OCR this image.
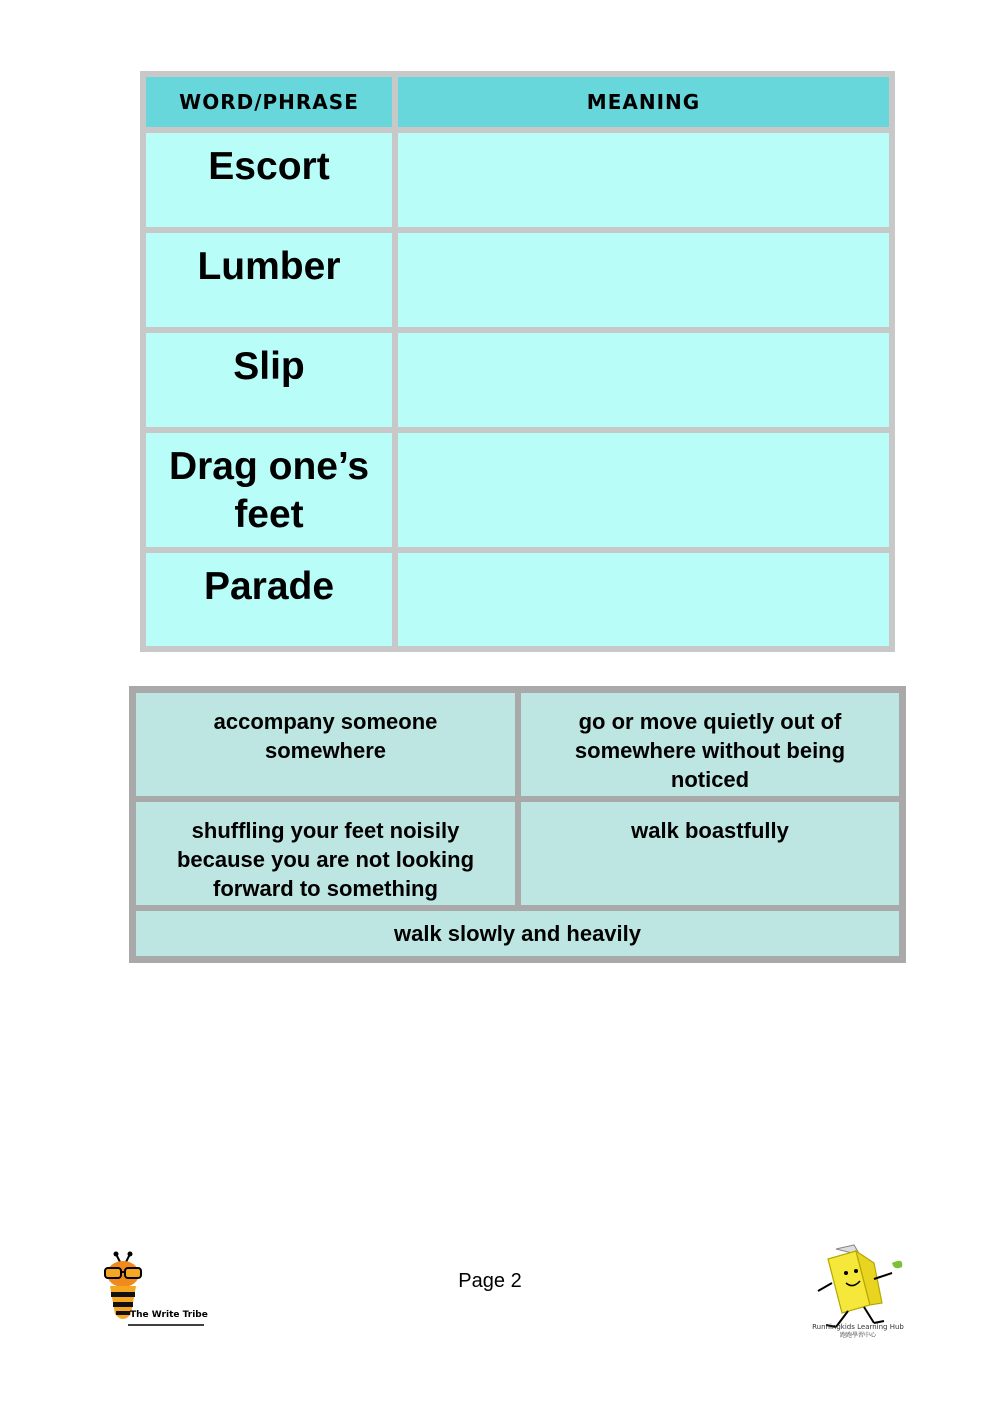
WORD/PHRASE	MEANING
Escort
Lumber
Slip
Drag one’s feet
Parade
accompany someone somewhere
go or move quietly out of somewhere without being noticed
shuffling your feet noisily because you are not looking forward to something
walk boastfully
walk slowly and heavily
The Write Tribe
Page 2
Runningkids Learning Hub
跑跑學習中心
